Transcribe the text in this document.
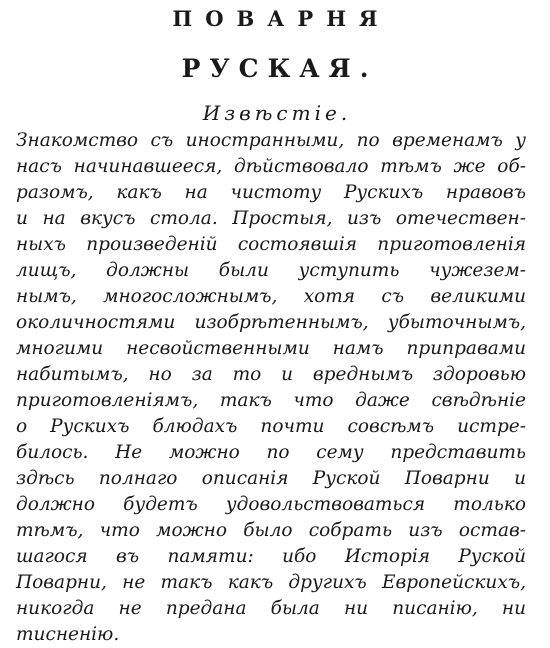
ПОВАРНЯ
РУСКАЯ.
Извѣстіе.
Знакомство съ иностранными, по временамъ у
насъ начинавшееся, дѣйствовало тѣмъ же об-
разомъ, какъ на чистоту Рускихъ нравовъ
и на вкусъ стола. Простыя, изъ отечествен-
ныхъ произведеній состоявшія приготовленія
лищъ, должны были уступить чужезем-
нымъ, многосложнымъ, хотя съ великими
околичностями изобрѣтеннымъ, убыточнымъ,
многими несвойственными намъ приправами
набитымъ, но за то и вреднымъ здоровью
приготовленіямъ, такъ что даже свѣдѣніе
о Рускихъ блюдахъ почти совсѣмъ истре-
билось. Не можно по сему представить
здѣсь полнаго описанія Руской Поварни и
должно будетъ удовольствоваться только
тѣмъ, что можно было собрать изъ остав-
шагося въ памяти: ибо Исторія Руской
Поварни, не такъ какъ другихъ Европейскихъ,
никогда не предана была ни писанію, ни
тисненію.
